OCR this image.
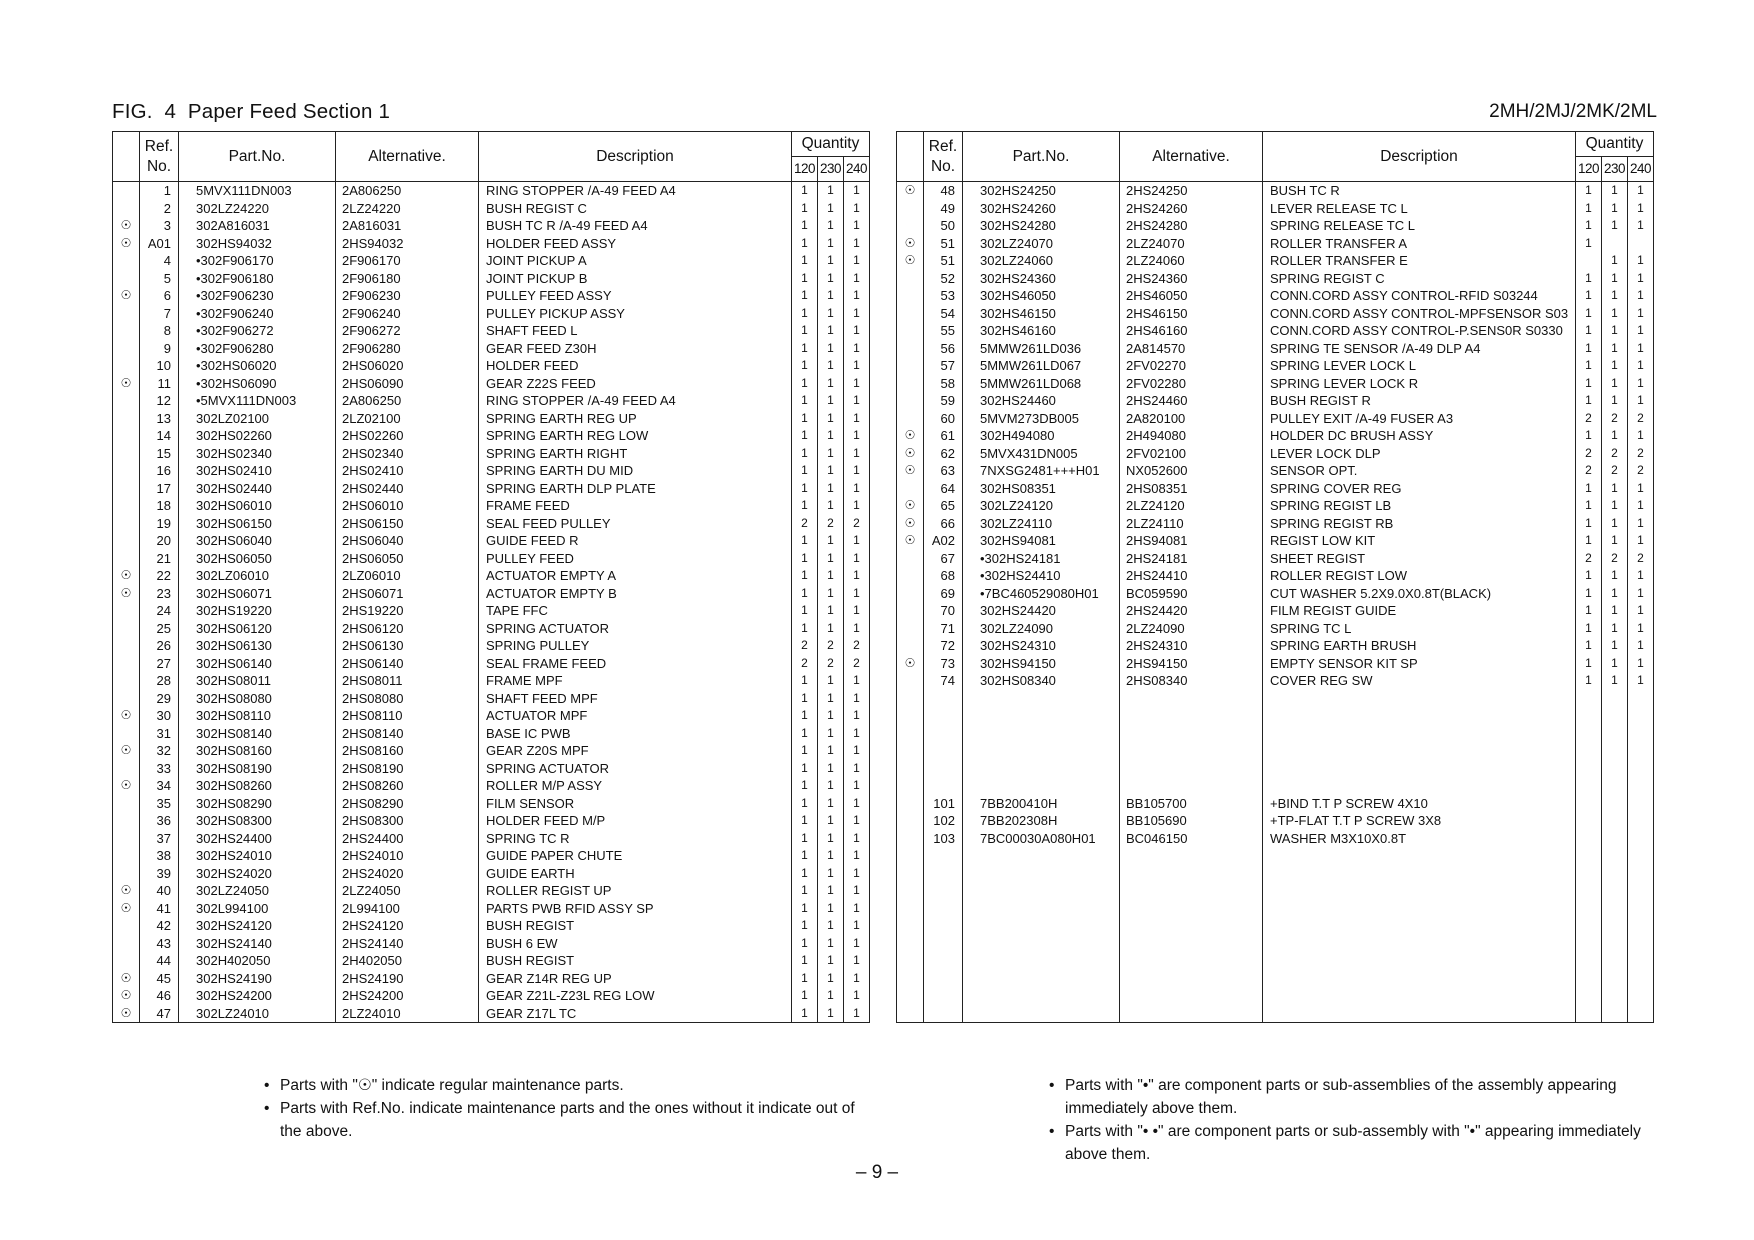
FIG.  4  Paper Feed Section 1	2MH/2MJ/2MK/2ML
	Ref.
No.	Part.No.	Alternative.	Description	Quantity		
					120	230	240
	1	5MVX111DN003	2A806250	RING STOPPER /A-49 FEED A4	1	1	1
	2	302LZ24220	2LZ24220	BUSH REGIST C	1	1	1
☉	3	302A816031	2A816031	BUSH TC R /A-49 FEED A4	1	1	1
☉	A01	302HS94032	2HS94032	HOLDER FEED ASSY	1	1	1
	4	•302F906170	2F906170	JOINT PICKUP A	1	1	1
	5	•302F906180	2F906180	JOINT PICKUP B	1	1	1
☉	6	•302F906230	2F906230	PULLEY FEED ASSY	1	1	1
	7	•302F906240	2F906240	PULLEY PICKUP ASSY	1	1	1
	8	•302F906272	2F906272	SHAFT FEED L	1	1	1
	9	•302F906280	2F906280	GEAR FEED Z30H	1	1	1
	10	•302HS06020	2HS06020	HOLDER FEED	1	1	1
☉	11	•302HS06090	2HS06090	GEAR Z22S FEED	1	1	1
	12	•5MVX111DN003	2A806250	RING STOPPER /A-49 FEED A4	1	1	1
	13	302LZ02100	2LZ02100	SPRING EARTH REG UP	1	1	1
	14	302HS02260	2HS02260	SPRING EARTH REG LOW	1	1	1
	15	302HS02340	2HS02340	SPRING EARTH RIGHT	1	1	1
	16	302HS02410	2HS02410	SPRING EARTH DU MID	1	1	1
	17	302HS02440	2HS02440	SPRING EARTH DLP PLATE	1	1	1
	18	302HS06010	2HS06010	FRAME FEED	1	1	1
	19	302HS06150	2HS06150	SEAL FEED PULLEY	2	2	2
	20	302HS06040	2HS06040	GUIDE FEED R	1	1	1
	21	302HS06050	2HS06050	PULLEY FEED	1	1	1
☉	22	302LZ06010	2LZ06010	ACTUATOR EMPTY A	1	1	1
☉	23	302HS06071	2HS06071	ACTUATOR EMPTY B	1	1	1
	24	302HS19220	2HS19220	TAPE FFC	1	1	1
	25	302HS06120	2HS06120	SPRING ACTUATOR	1	1	1
	26	302HS06130	2HS06130	SPRING PULLEY	2	2	2
	27	302HS06140	2HS06140	SEAL FRAME FEED	2	2	2
	28	302HS08011	2HS08011	FRAME MPF	1	1	1
	29	302HS08080	2HS08080	SHAFT FEED MPF	1	1	1
☉	30	302HS08110	2HS08110	ACTUATOR MPF	1	1	1
	31	302HS08140	2HS08140	BASE IC PWB	1	1	1
☉	32	302HS08160	2HS08160	GEAR Z20S MPF	1	1	1
	33	302HS08190	2HS08190	SPRING ACTUATOR	1	1	1
☉	34	302HS08260	2HS08260	ROLLER M/P ASSY	1	1	1
	35	302HS08290	2HS08290	FILM SENSOR	1	1	1
	36	302HS08300	2HS08300	HOLDER FEED M/P	1	1	1
	37	302HS24400	2HS24400	SPRING TC R	1	1	1
	38	302HS24010	2HS24010	GUIDE PAPER CHUTE	1	1	1
	39	302HS24020	2HS24020	GUIDE EARTH	1	1	1
☉	40	302LZ24050	2LZ24050	ROLLER REGIST UP	1	1	1
☉	41	302L994100	2L994100	PARTS PWB RFID ASSY SP	1	1	1
	42	302HS24120	2HS24120	BUSH REGIST	1	1	1
	43	302HS24140	2HS24140	BUSH 6 EW	1	1	1
	44	302H402050	2H402050	BUSH REGIST	1	1	1
☉	45	302HS24190	2HS24190	GEAR Z14R REG UP	1	1	1
☉	46	302HS24200	2HS24200	GEAR Z21L-Z23L REG LOW	1	1	1
☉	47	302LZ24010	2LZ24010	GEAR Z17L TC	1	1	1
	Ref.
No.	Part.No.	Alternative.	Description	Quantity		
					120	230	240
☉	48	302HS24250	2HS24250	BUSH TC R	1	1	1
	49	302HS24260	2HS24260	LEVER RELEASE TC L	1	1	1
	50	302HS24280	2HS24280	SPRING RELEASE TC L	1	1	1
☉	51	302LZ24070	2LZ24070	ROLLER TRANSFER A	1		
☉	51	302LZ24060	2LZ24060	ROLLER TRANSFER E		1	1
	52	302HS24360	2HS24360	SPRING REGIST C	1	1	1
	53	302HS46050	2HS46050	CONN.CORD ASSY CONTROL-RFID S03244	1	1	1
	54	302HS46150	2HS46150	CONN.CORD ASSY CONTROL-MPFSENSOR S03	1	1	1
	55	302HS46160	2HS46160	CONN.CORD ASSY CONTROL-P.SENS0R S0330	1	1	1
	56	5MMW261LD036	2A814570	SPRING TE SENSOR /A-49 DLP A4	1	1	1
	57	5MMW261LD067	2FV02270	SPRING LEVER LOCK L	1	1	1
	58	5MMW261LD068	2FV02280	SPRING LEVER LOCK R	1	1	1
	59	302HS24460	2HS24460	BUSH REGIST R	1	1	1
	60	5MVM273DB005	2A820100	PULLEY EXIT /A-49 FUSER A3	2	2	2
☉	61	302H494080	2H494080	HOLDER DC BRUSH ASSY	1	1	1
☉	62	5MVX431DN005	2FV02100	LEVER LOCK DLP	2	2	2
☉	63	7NXSG2481+++H01	NX052600	SENSOR OPT.	2	2	2
	64	302HS08351	2HS08351	SPRING COVER REG	1	1	1
☉	65	302LZ24120	2LZ24120	SPRING REGIST LB	1	1	1
☉	66	302LZ24110	2LZ24110	SPRING REGIST RB	1	1	1
☉	A02	302HS94081	2HS94081	REGIST LOW KIT	1	1	1
	67	•302HS24181	2HS24181	SHEET REGIST	2	2	2
	68	•302HS24410	2HS24410	ROLLER REGIST LOW	1	1	1
	69	•7BC460529080H01	BC059590	CUT WASHER 5.2X9.0X0.8T(BLACK)	1	1	1
	70	302HS24420	2HS24420	FILM REGIST GUIDE	1	1	1
	71	302LZ24090	2LZ24090	SPRING TC L	1	1	1
	72	302HS24310	2HS24310	SPRING EARTH BRUSH	1	1	1
☉	73	302HS94150	2HS94150	EMPTY SENSOR KIT SP	1	1	1
	74	302HS08340	2HS08340	COVER REG SW	1	1	1

	101	7BB200410H	BB105700	+BIND T.T P SCREW 4X10			
	102	7BB202308H	BB105690	+TP-FLAT T.T P SCREW 3X8			
	103	7BC00030A080H01	BC046150	WASHER M3X10X0.8T			

• Parts with "☉" indicate regular maintenance parts.
• Parts with Ref.No. indicate maintenance parts and the ones without it indicate out of the above.
• Parts with "•" are component parts or sub-assemblies of the assembly appearing immediately above them.
• Parts with "• •" are component parts or sub-assembly with "•" appearing immediately above them.
– 9 –
